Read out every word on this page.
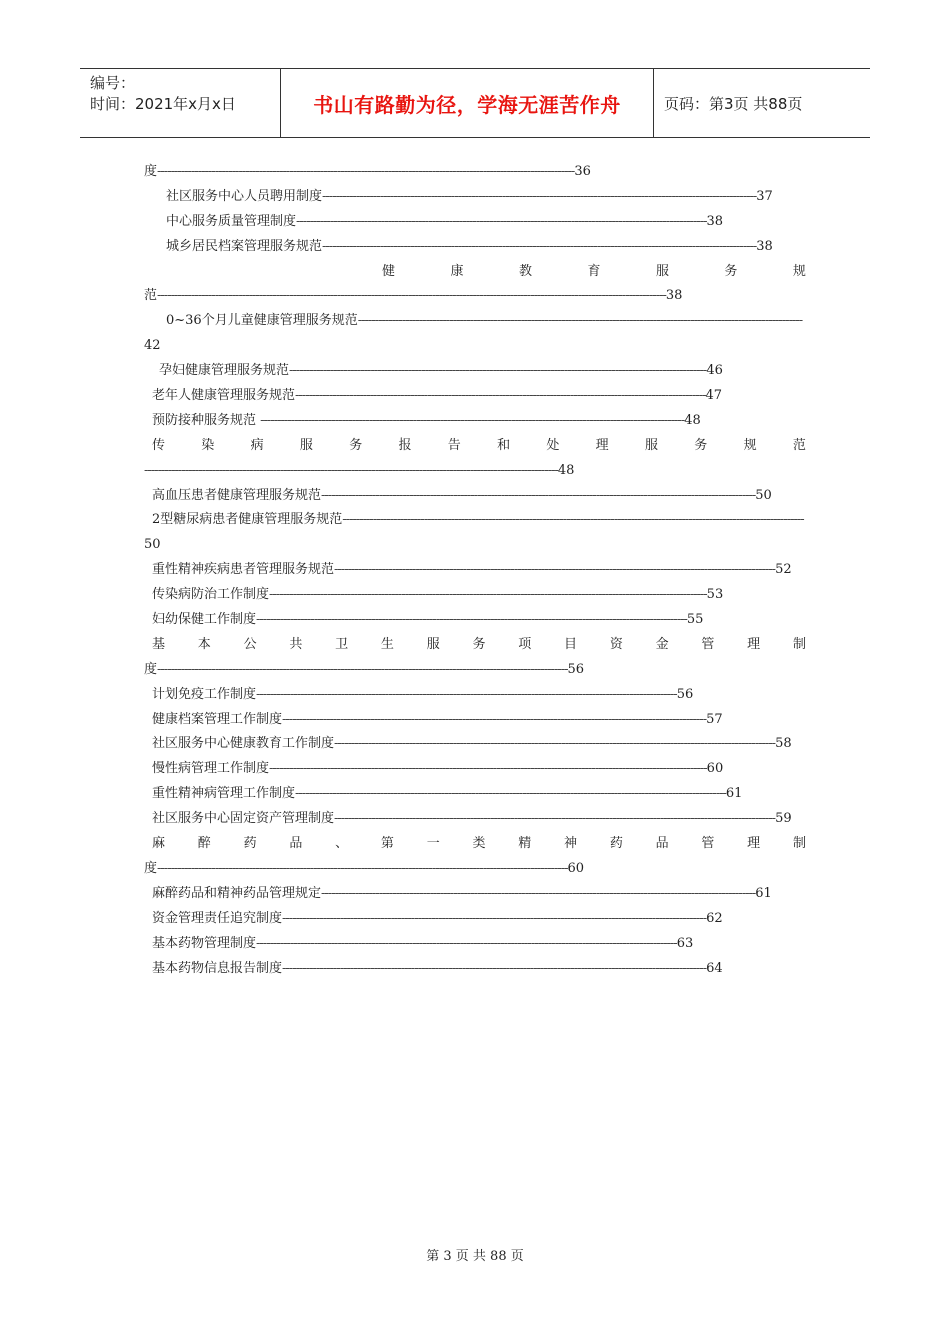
编号：
时间：2021年x月x日	书山有路勤为径，学海无涯苦作舟	页码：第3页 共88页
度---------------------------------------------------------------------------------------------------------------------------36
社区服务中心人员聘用制度--------------------------------------------------------------------------------------------------------------------------------37
中心服务质量管理制度-------------------------------------------------------------------------------------------------------------------------38
城乡居民档案管理服务规范--------------------------------------------------------------------------------------------------------------------------------38
健	康	教	育	服	务	规
范------------------------------------------------------------------------------------------------------------------------------------------------------38
0~36个月儿童健康管理服务规范-----------------------------------------------------------------------------------------------------------------------------------
42
孕妇健康管理服务规范---------------------------------------------------------------------------------------------------------------------------46
老年人健康管理服务规范-------------------------------------------------------------------------------------------------------------------------47
预防接种服务规范 -----------------------------------------------------------------------------------------------------------------------------48
传	染	病	服	务	报	告	和	处	理	服	务	规	范
--------------------------------------------------------------------------------------------------------------------------48
高血压患者健康管理服务规范--------------------------------------------------------------------------------------------------------------------------------50
2型糖尿病患者健康管理服务规范----------------------------------------------------------------------------------------------------------------------------------------
50
重性精神疾病患者管理服务规范----------------------------------------------------------------------------------------------------------------------------------52
传染病防治工作制度---------------------------------------------------------------------------------------------------------------------------------53
妇幼保健工作制度-------------------------------------------------------------------------------------------------------------------------------55
基	本	公	共	卫	生	服	务	项	目	资	金	管	理	制
度-------------------------------------------------------------------------------------------------------------------------56
计划免疫工作制度----------------------------------------------------------------------------------------------------------------------------56
健康档案管理工作制度-----------------------------------------------------------------------------------------------------------------------------57
社区服务中心健康教育工作制度----------------------------------------------------------------------------------------------------------------------------------58
慢性病管理工作制度---------------------------------------------------------------------------------------------------------------------------------60
重性精神病管理工作制度-------------------------------------------------------------------------------------------------------------------------------61
社区服务中心固定资产管理制度----------------------------------------------------------------------------------------------------------------------------------59
麻	醉	药	品	、	第	一	类	精	神	药	品	管	理	制
度-------------------------------------------------------------------------------------------------------------------------60
麻醉药品和精神药品管理规定--------------------------------------------------------------------------------------------------------------------------------61
资金管理责任追究制度-----------------------------------------------------------------------------------------------------------------------------62
基本药物管理制度----------------------------------------------------------------------------------------------------------------------------63
基本药物信息报告制度-----------------------------------------------------------------------------------------------------------------------------64
第 3 页 共 88 页
